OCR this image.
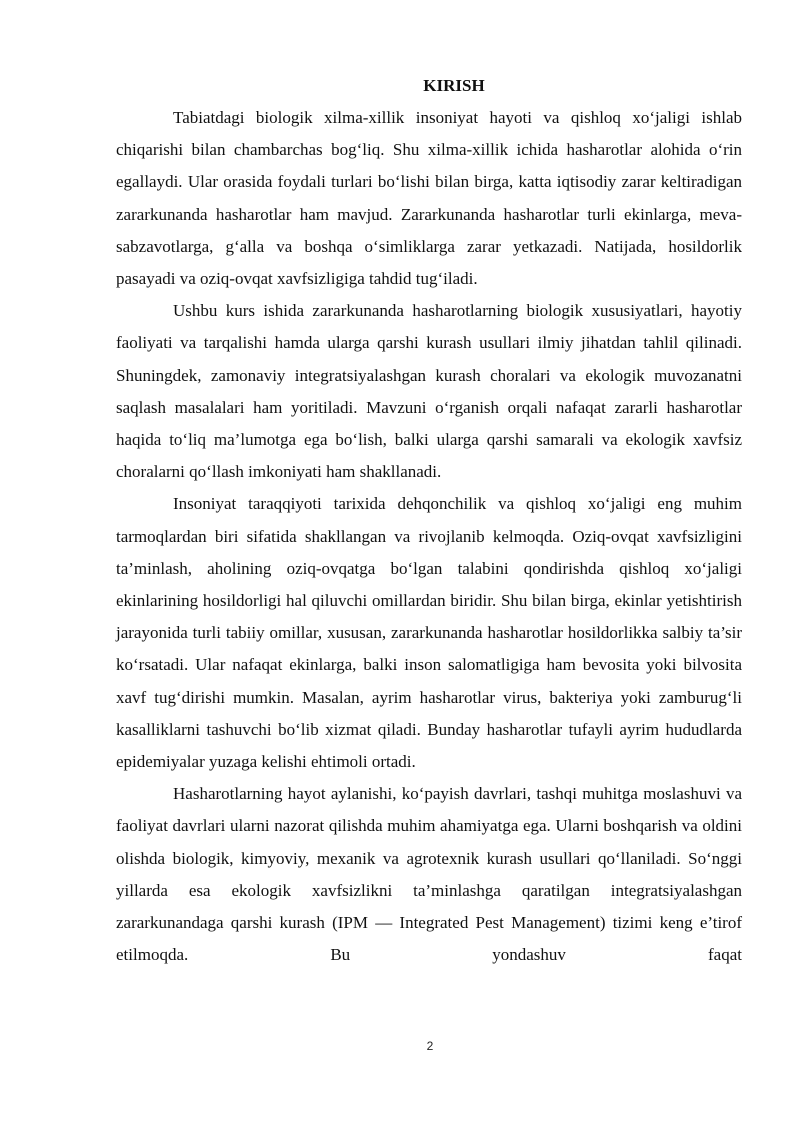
KIRISH

Tabiatdagi biologik xilma-xillik insoniyat hayoti va qishloq xo‘jaligi ishlab chiqarishi bilan chambarchas bog‘liq. Shu xilma-xillik ichida hasharotlar alohida o‘rin egallaydi. Ular orasida foydali turlari bo‘lishi bilan birga, katta iqtisodiy zarar keltiradigan zararkunanda hasharotlar ham mavjud. Zararkunanda hasharotlar turli ekinlarga, meva-sabzavotlarga, g‘alla va boshqa o‘simliklarga zarar yetkazadi. Natijada, hosildorlik pasayadi va oziq-ovqat xavfsizligiga tahdid tug‘iladi.

Ushbu kurs ishida zararkunanda hasharotlarning biologik xususiyatlari, hayotiy faoliyati va tarqalishi hamda ularga qarshi kurash usullari ilmiy jihatdan tahlil qilinadi. Shuningdek, zamonaviy integratsiyalashgan kurash choralari va ekologik muvozanatni saqlash masalalari ham yoritiladi. Mavzuni o‘rganish orqali nafaqat zararli hasharotlar haqida to‘liq ma’lumotga ega bo‘lish, balki ularga qarshi samarali va ekologik xavfsiz choralarni qo‘llash imkoniyati ham shakllanadi.

Insoniyat taraqqiyoti tarixida dehqonchilik va qishloq xo‘jaligi eng muhim tarmoqlardan biri sifatida shakllangan va rivojlanib kelmoqda. Oziq-ovqat xavfsizligini ta’minlash, aholining oziq-ovqatga bo‘lgan talabini qondirishda qishloq xo‘jaligi ekinlarining hosildorligi hal qiluvchi omillardan biridir. Shu bilan birga, ekinlar yetishtirish jarayonida turli tabiiy omillar, xususan, zararkunanda hasharotlar hosildorlikka salbiy ta’sir ko‘rsatadi. Ular nafaqat ekinlarga, balki inson salomatligiga ham bevosita yoki bilvosita xavf tug‘dirishi mumkin. Masalan, ayrim hasharotlar virus, bakteriya yoki zamburug‘li kasalliklarni tashuvchi bo‘lib xizmat qiladi. Bunday hasharotlar tufayli ayrim hududlarda epidemiyalar yuzaga kelishi ehtimoli ortadi.

Hasharotlarning hayot aylanishi, ko‘payish davrlari, tashqi muhitga moslashuvi va faoliyat davrlari ularni nazorat qilishda muhim ahamiyatga ega. Ularni boshqarish va oldini olishda biologik, kimyoviy, mexanik va agrotexnik kurash usullari qo‘llaniladi. So‘nggi yillarda esa ekologik xavfsizlikni ta’minlashga qaratilgan integratsiyalashgan zararkunandaga qarshi kurash (IPM — Integrated Pest Management) tizimi keng e’tirof etilmoqda. Bu yondashuv faqat

2
